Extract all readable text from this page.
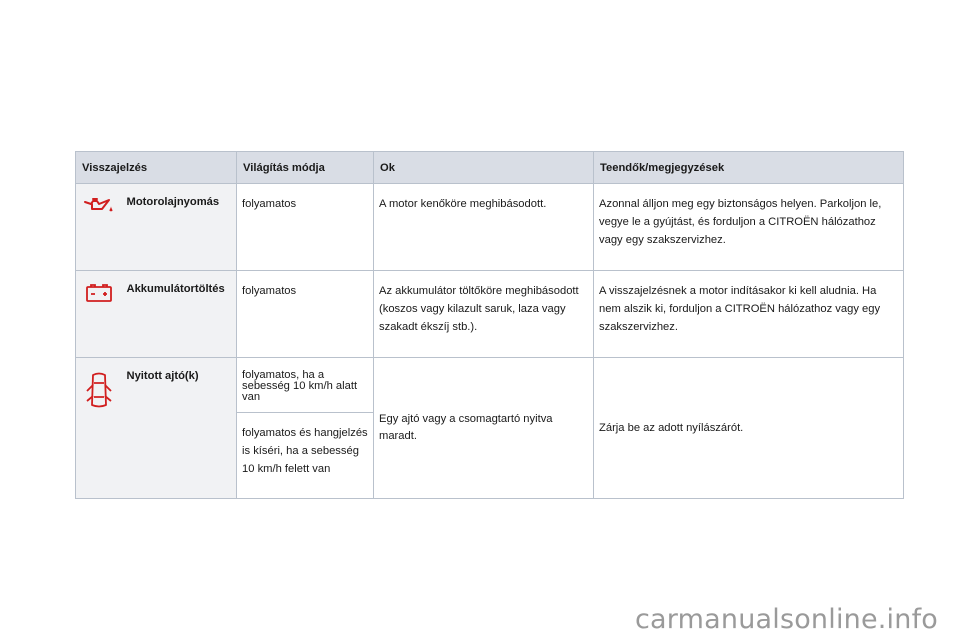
Visszajelzés		Világítás módja	Ok	Teendők/megjegyzések

	Motorolajnyomás	folyamatos	A motor kenőköre meghibásodott.	Azonnal álljon meg egy biztonságos helyen. Parkoljon le, vegye le a gyújtást, és forduljon a CITROËN hálózathoz vagy egy szakszervizhez.

	Akkumulátortöltés	folyamatos	Az akkumulátor töltőköre meghibásodott (koszos vagy kilazult saruk, laza vagy szakadt ékszíj stb.).	A visszajelzésnek a motor indításakor ki kell aludnia. Ha nem alszik ki, forduljon a CITROËN hálózathoz vagy egy szakszervizhez.

	Nyitott ajtó(k)	folyamatos, ha a sebesség 10 km/h alatt van	Egy ajtó vagy a csomagtartó nyitva maradt.	Zárja be az adott nyílászárót.
		folyamatos és hangjelzés is kíséri, ha a sebesség 10 km/h felett van		
carmanualsonline.info
